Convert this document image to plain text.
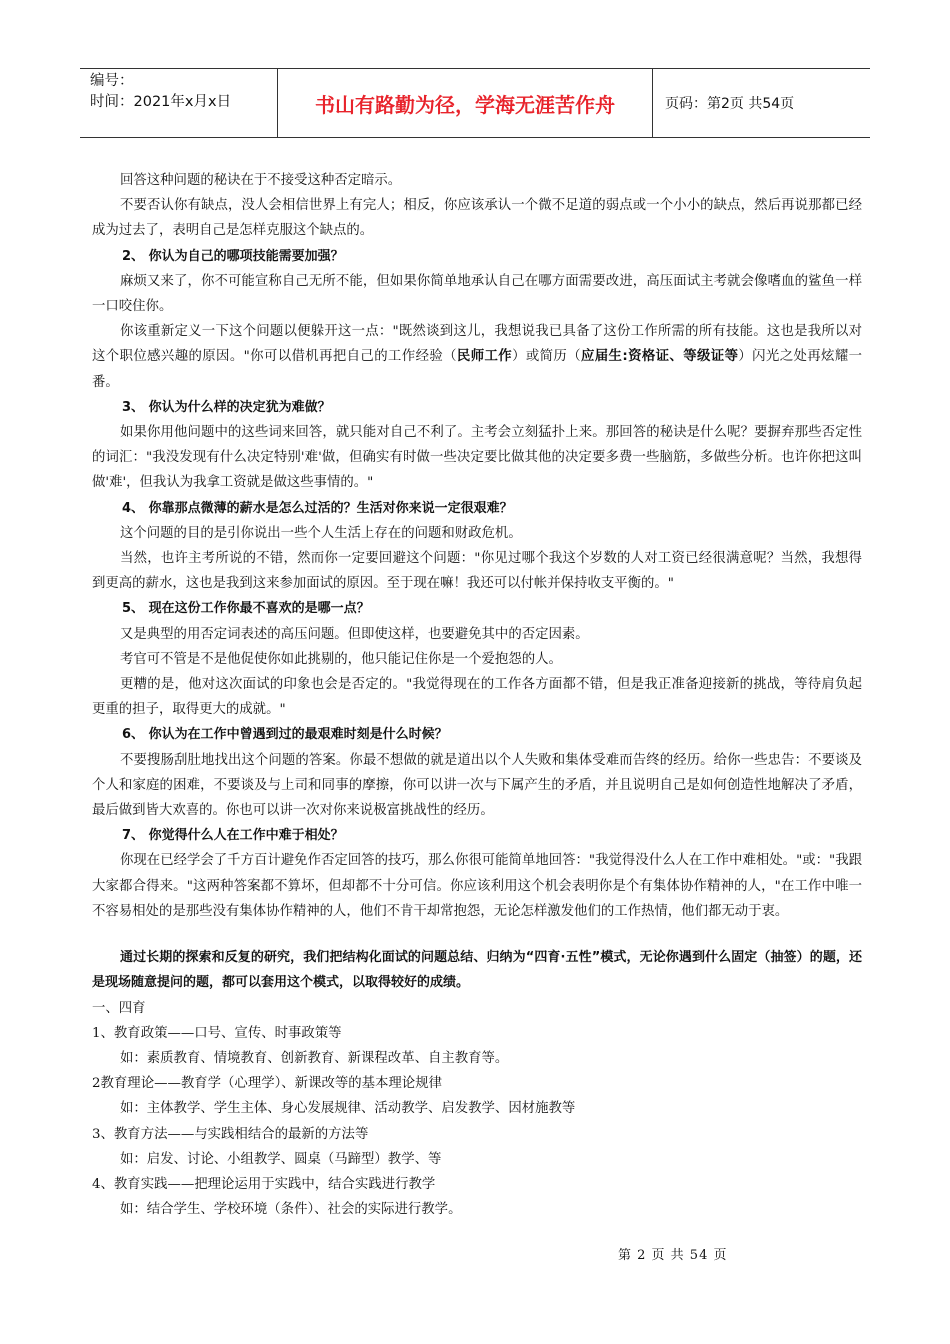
编号：
时间：2021年x月x日	书山有路勤为径，学海无涯苦作舟	页码：第2页 共54页

回答这种问题的秘诀在于不接受这种否定暗示。

不要否认你有缺点，没人会相信世界上有完人；相反，你应该承认一个微不足道的弱点或一个小小的缺点，然后再说那都已经成为过去了，表明自己是怎样克服这个缺点的。

2、 你认为自己的哪项技能需要加强？

麻烦又来了，你不可能宣称自己无所不能，但如果你简单地承认自己在哪方面需要改进，高压面试主考就会像嗜血的鲨鱼一样一口咬住你。

你该重新定义一下这个问题以便躲开这一点："既然谈到这儿，我想说我已具备了这份工作所需的所有技能。这也是我所以对这个职位感兴趣的原因。"你可以借机再把自己的工作经验（民师工作）或简历（应届生:资格证、等级证等）闪光之处再炫耀一番。

3、 你认为什么样的决定犹为难做？

如果你用他问题中的这些词来回答，就只能对自己不利了。主考会立刻猛扑上来。那回答的秘诀是什么呢？要摒弃那些否定性的词汇："我没发现有什么决定特别'难'做，但确实有时做一些决定要比做其他的决定要多费一些脑筋，多做些分析。也许你把这叫做'难'，但我认为我拿工资就是做这些事情的。"

4、 你靠那点微薄的薪水是怎么过活的？生活对你来说一定很艰难？

这个问题的目的是引你说出一些个人生活上存在的问题和财政危机。

当然，也许主考所说的不错，然而你一定要回避这个问题："你见过哪个我这个岁数的人对工资已经很满意呢？当然，我想得到更高的薪水，这也是我到这来参加面试的原因。至于现在嘛！我还可以付帐并保持收支平衡的。"

5、 现在这份工作你最不喜欢的是哪一点？

又是典型的用否定词表述的高压问题。但即使这样，也要避免其中的否定因素。

考官可不管是不是他促使你如此挑剔的，他只能记住你是一个爱抱怨的人。

更糟的是，他对这次面试的印象也会是否定的。"我觉得现在的工作各方面都不错，但是我正准备迎接新的挑战，等待肩负起更重的担子，取得更大的成就。"

6、 你认为在工作中曾遇到过的最艰难时刻是什么时候？

不要搜肠刮肚地找出这个问题的答案。你最不想做的就是道出以个人失败和集体受难而告终的经历。给你一些忠告：不要谈及个人和家庭的困难，不要谈及与上司和同事的摩擦，你可以讲一次与下属产生的矛盾，并且说明自己是如何创造性地解决了矛盾，最后做到皆大欢喜的。你也可以讲一次对你来说极富挑战性的经历。

7、 你觉得什么人在工作中难于相处？

你现在已经学会了千方百计避免作否定回答的技巧，那么你很可能简单地回答："我觉得没什么人在工作中难相处。"或："我跟大家都合得来。"这两种答案都不算坏，但却都不十分可信。你应该利用这个机会表明你是个有集体协作精神的人，"在工作中唯一不容易相处的是那些没有集体协作精神的人，他们不肯干却常抱怨，无论怎样激发他们的工作热情，他们都无动于衷。

通过长期的探索和反复的研究，我们把结构化面试的问题总结、归纳为“四育·五性”模式，无论你遇到什么固定（抽签）的题，还是现场随意提问的题，都可以套用这个模式，以取得较好的成绩。

一、四育

1、教育政策——口号、宣传、时事政策等

如：素质教育、情境教育、创新教育、新课程改革、自主教育等。

2教育理论——教育学（心理学）、新课改等的基本理论规律

如：主体教学、学生主体、身心发展规律、活动教学、启发教学、因材施教等

3、教育方法——与实践相结合的最新的方法等

如：启发、讨论、小组教学、圆桌（马蹄型）教学、等

4、教育实践——把理论运用于实践中，结合实践进行教学

如：结合学生、学校环境（条件）、社会的实际进行教学。

第 2 页 共 54 页
